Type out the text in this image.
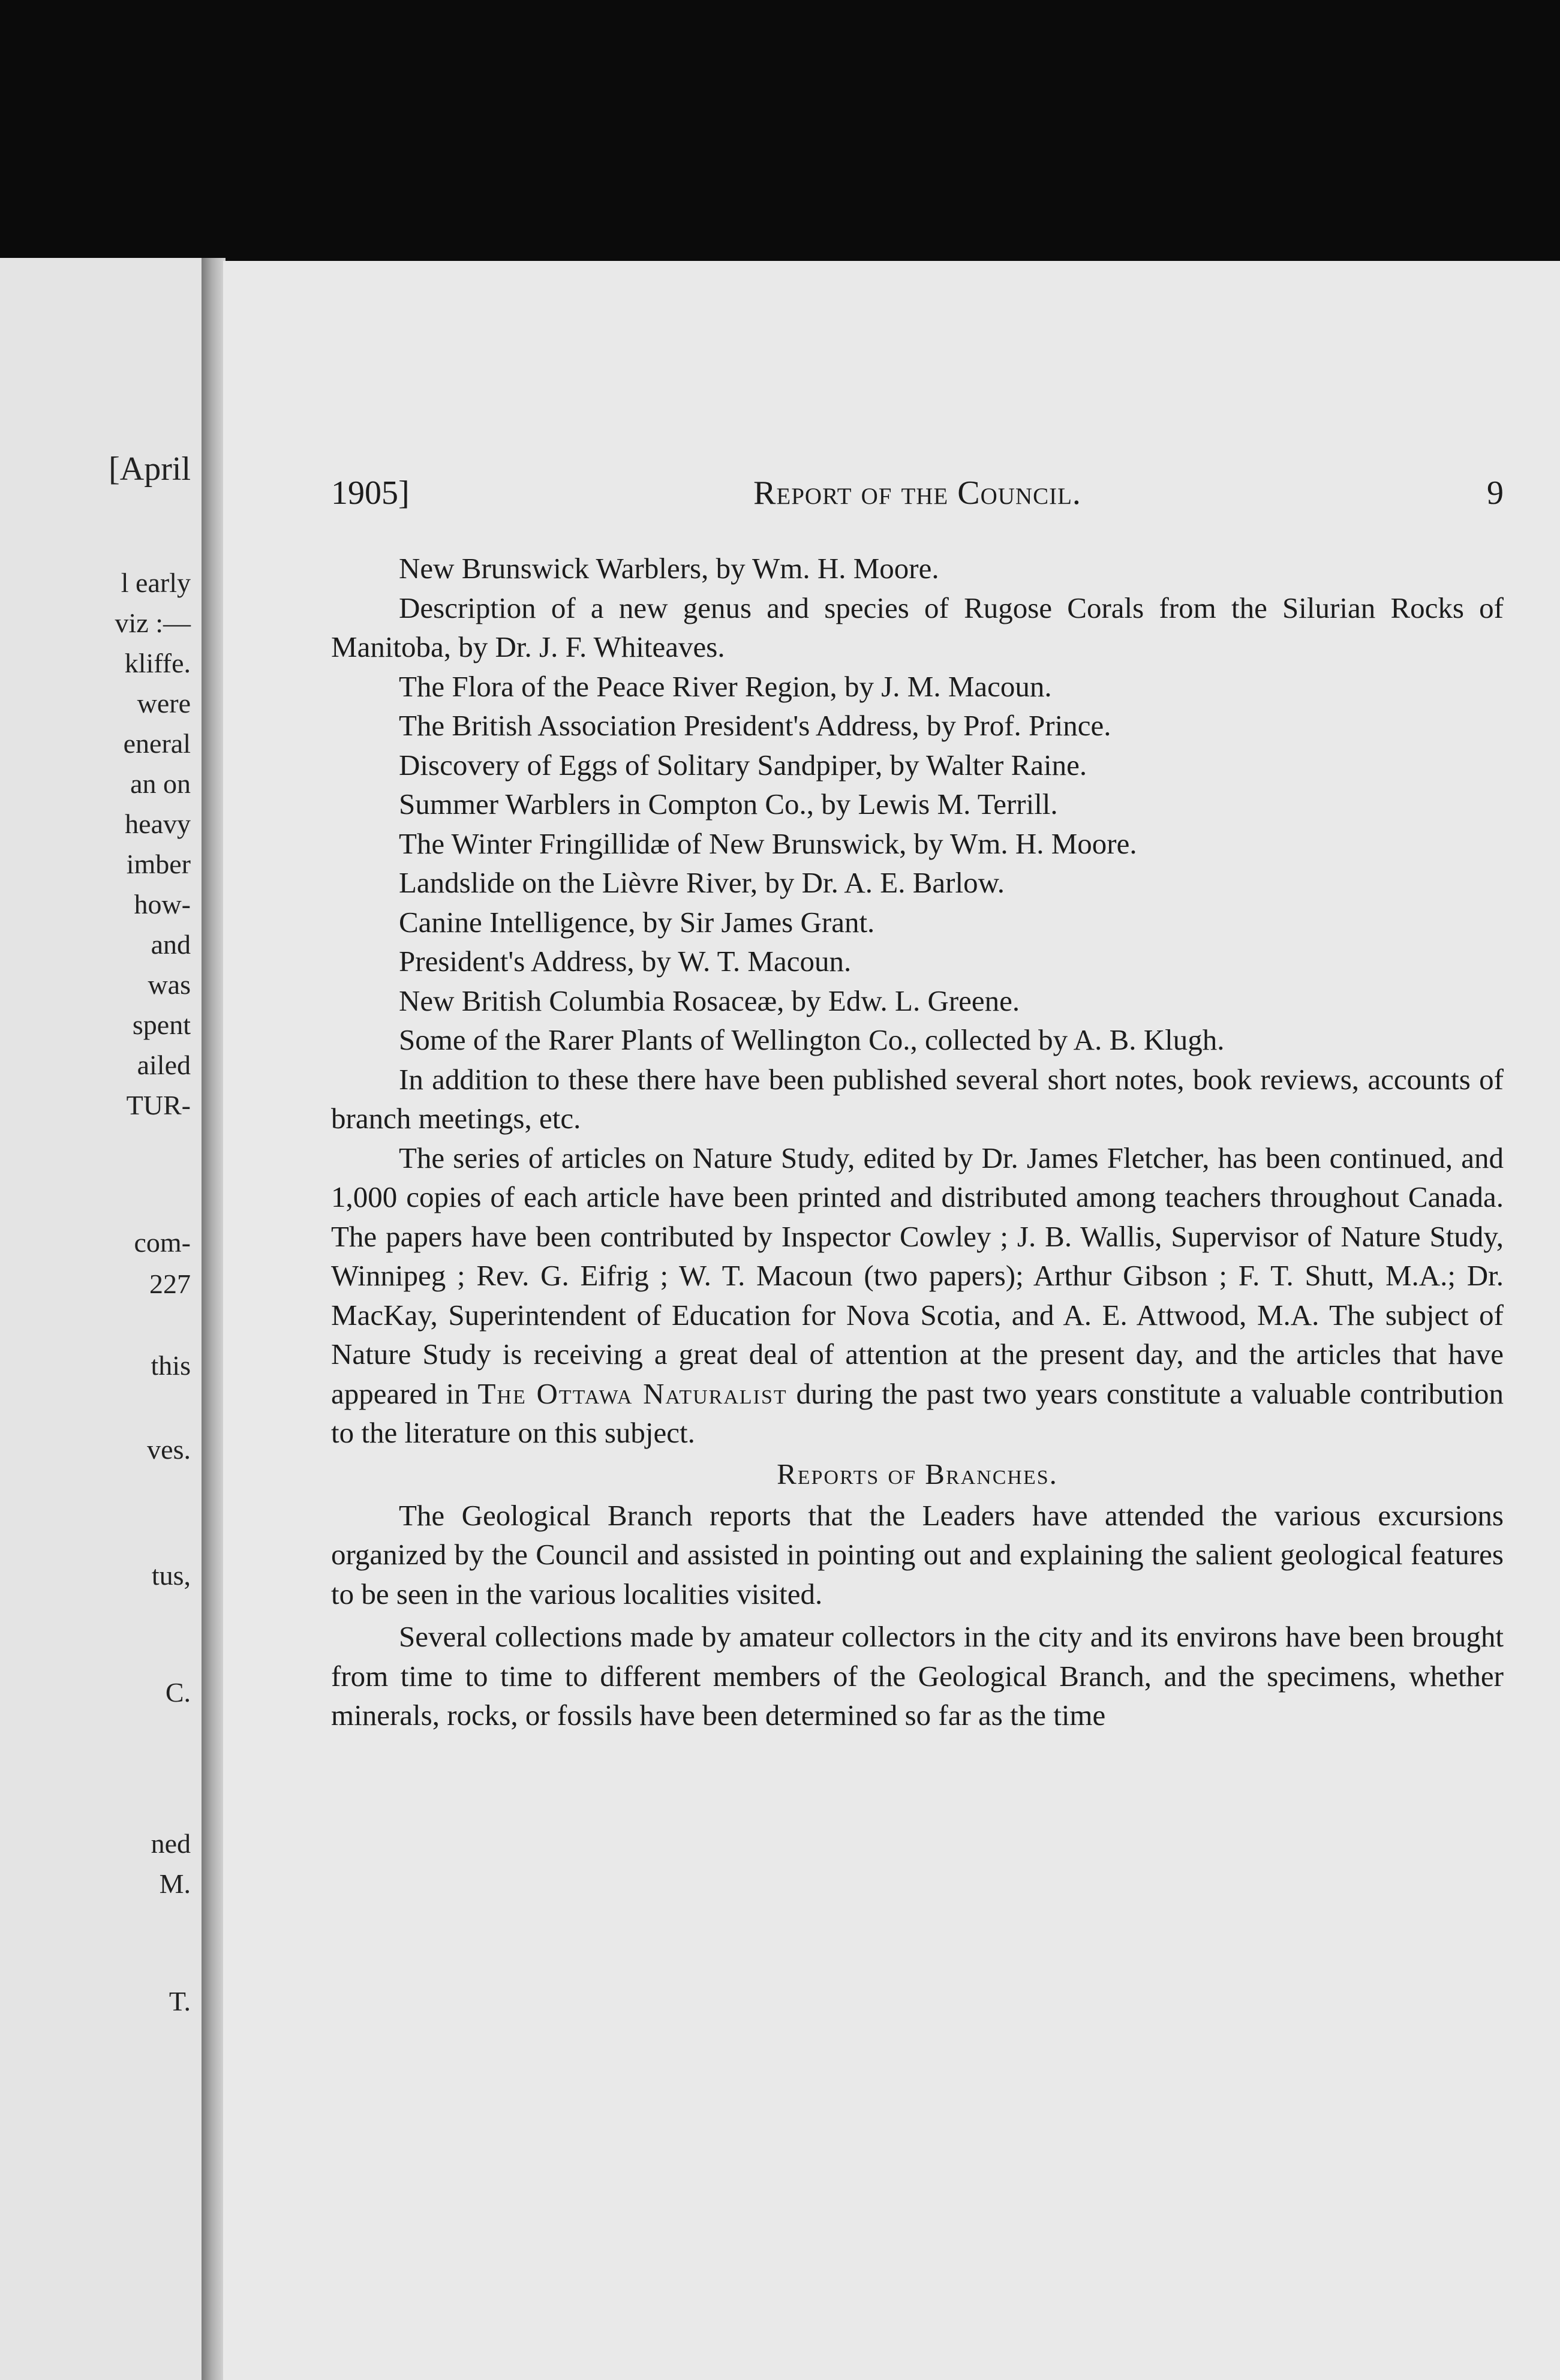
[April
l early
viz :—
kliffe.
were
eneral
an on
heavy
imber
how-
and
was
spent
ailed
TUR-
com-
227
this
ves.
tus,
C.
ned
M.
T.
1905]	Report of the Council.	9

New Brunswick Warblers, by Wm. H. Moore.

Description of a new genus and species of Rugose Corals from the Silurian Rocks of Manitoba, by Dr. J. F. Whiteaves.

The Flora of the Peace River Region, by J. M. Macoun.

The British Association President's Address, by Prof. Prince.

Discovery of Eggs of Solitary Sandpiper, by Walter Raine.

Summer Warblers in Compton Co., by Lewis M. Terrill.

The Winter Fringillidæ of New Brunswick, by Wm. H. Moore.

Landslide on the Lièvre River, by Dr. A. E. Barlow.

Canine Intelligence, by Sir James Grant.

President's Address, by W. T. Macoun.

New British Columbia Rosaceæ, by Edw. L. Greene.

Some of the Rarer Plants of Wellington Co., collected by A. B. Klugh.

In addition to these there have been published several short notes, book reviews, accounts of branch meetings, etc.

The series of articles on Nature Study, edited by Dr. James Fletcher, has been continued, and 1,000 copies of each article have been printed and distributed among teachers throughout Canada. The papers have been contributed by Inspector Cowley ; J. B. Wallis, Supervisor of Nature Study, Winnipeg ; Rev. G. Eifrig ; W. T. Macoun (two papers); Arthur Gibson ; F. T. Shutt, M.A.; Dr. MacKay, Superintendent of Education for Nova Scotia, and A. E. Attwood, M.A. The subject of Nature Study is receiving a great deal of attention at the present day, and the articles that have appeared in The Ottawa Naturalist during the past two years constitute a valuable contribution to the literature on this subject.

Reports of Branches.

The Geological Branch reports that the Leaders have attended the various excursions organized by the Council and assisted in pointing out and explaining the salient geological features to be seen in the various localities visited.

Several collections made by amateur collectors in the city and its environs have been brought from time to time to different members of the Geological Branch, and the specimens, whether minerals, rocks, or fossils have been determined so far as the time
